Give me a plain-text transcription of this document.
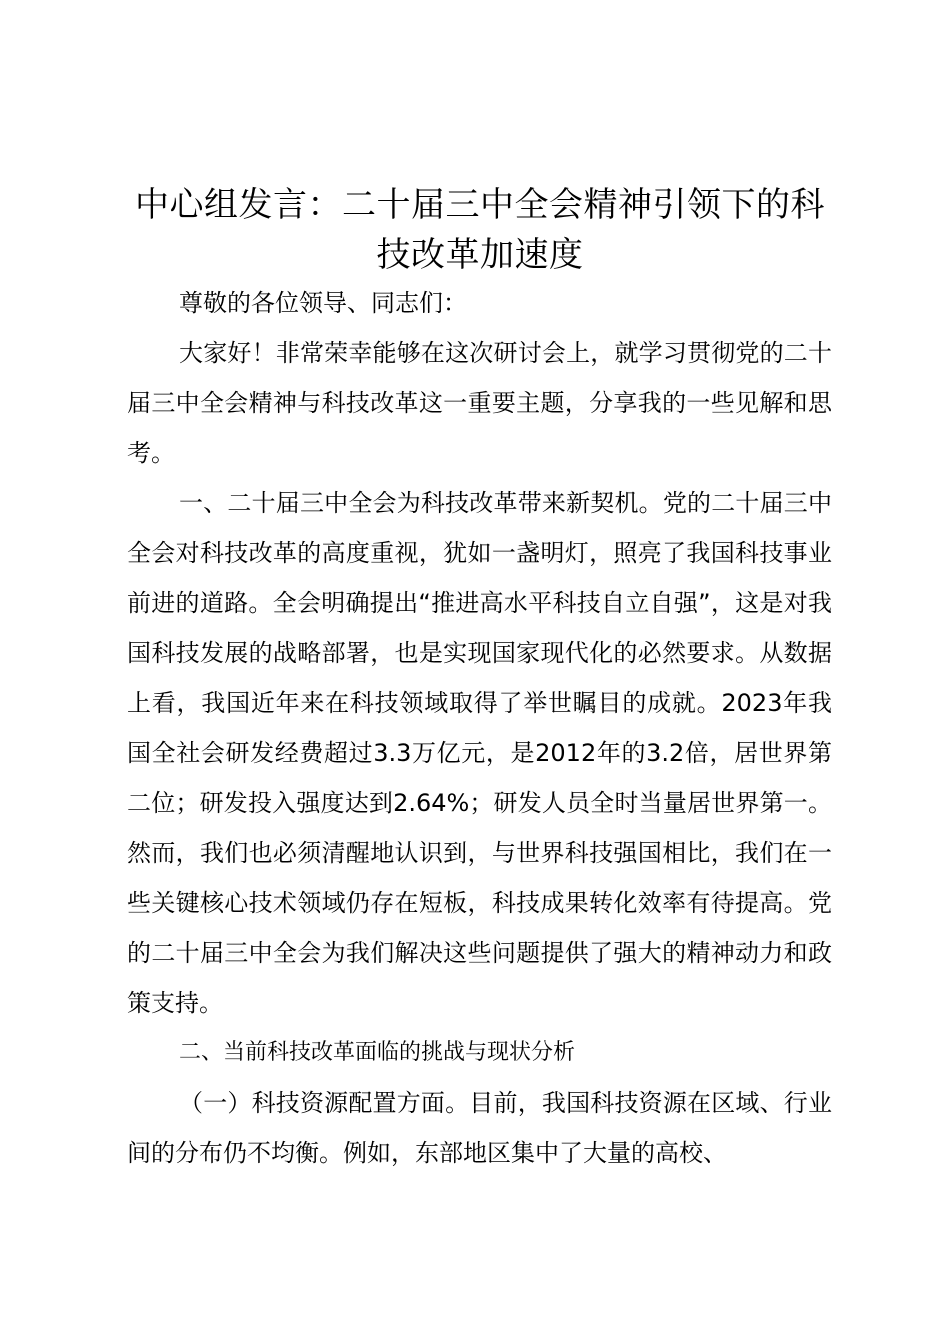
中心组发言：二十届三中全会精神引领下的科技改革加速度

尊敬的各位领导、同志们：

大家好！非常荣幸能够在这次研讨会上，就学习贯彻党的二十届三中全会精神与科技改革这一重要主题，分享我的一些见解和思考。

一、二十届三中全会为科技改革带来新契机。党的二十届三中全会对科技改革的高度重视，犹如一盏明灯，照亮了我国科技事业前进的道路。全会明确提出“推进高水平科技自立自强”，这是对我国科技发展的战略部署，也是实现国家现代化的必然要求。从数据上看，我国近年来在科技领域取得了举世瞩目的成就。2023年我国全社会研发经费超过3.3万亿元，是2012年的3.2倍，居世界第二位；研发投入强度达到2.64%；研发人员全时当量居世界第一。然而，我们也必须清醒地认识到，与世界科技强国相比，我们在一些关键核心技术领域仍存在短板，科技成果转化效率有待提高。党的二十届三中全会为我们解决这些问题提供了强大的精神动力和政策支持。

二、当前科技改革面临的挑战与现状分析

（一）科技资源配置方面。目前，我国科技资源在区域、行业间的分布仍不均衡。例如，东部地区集中了大量的高校、
